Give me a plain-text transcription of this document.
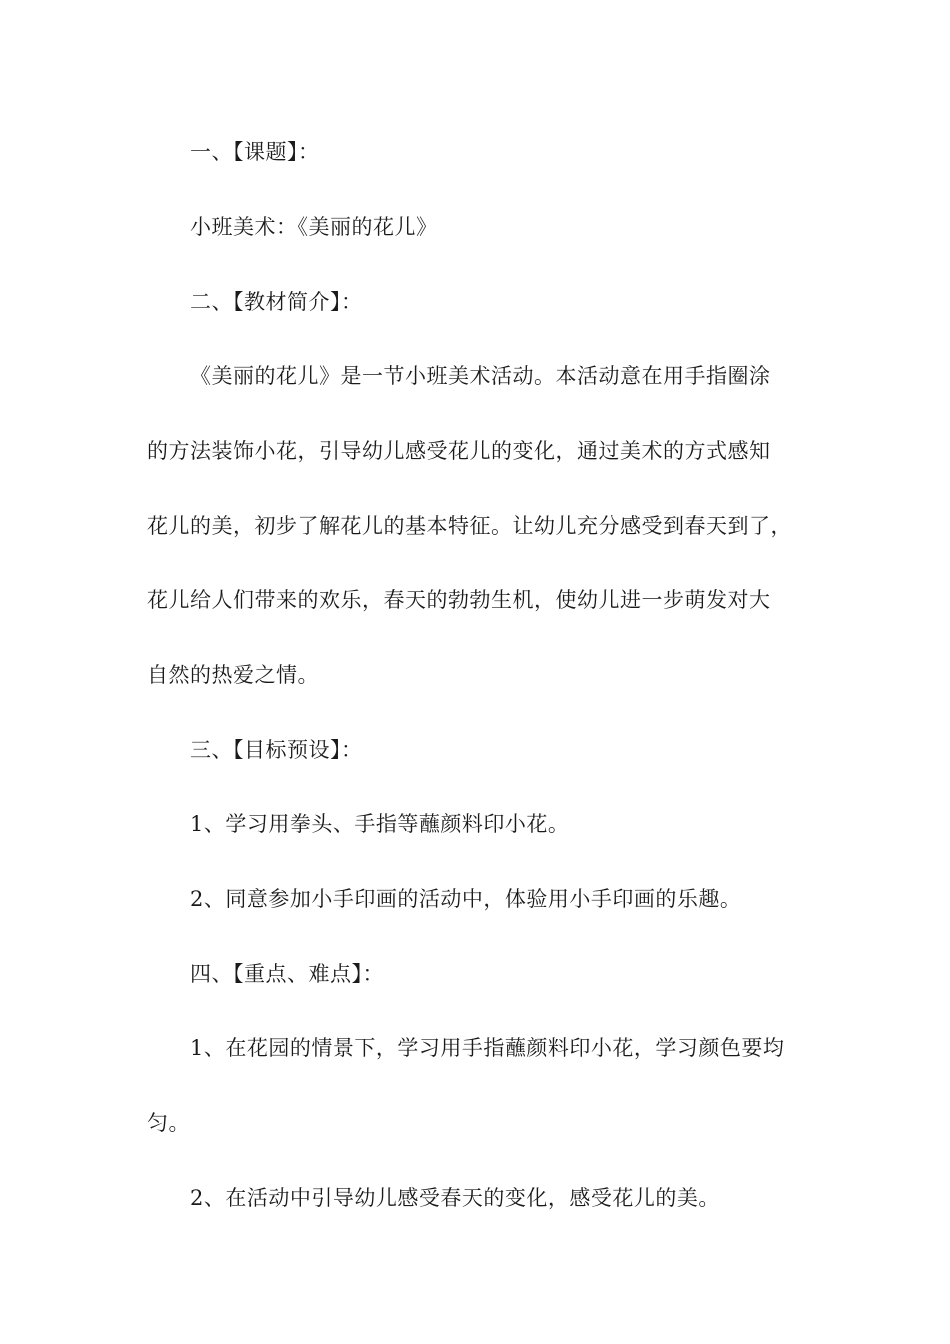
一、【课题】：
小班美术：《美丽的花儿》
二、【教材简介】：
《美丽的花儿》是一节小班美术活动。本活动意在用手指圈涂
的方法装饰小花，引导幼儿感受花儿的变化，通过美术的方式感知
花儿的美，初步了解花儿的基本特征。让幼儿充分感受到春天到了，
花儿给人们带来的欢乐，春天的勃勃生机，使幼儿进一步萌发对大
自然的热爱之情。
三、【目标预设】：
1、学习用拳头、手指等蘸颜料印小花。
2、同意参加小手印画的活动中，体验用小手印画的乐趣。
四、【重点、难点】：
1、在花园的情景下，学习用手指蘸颜料印小花，学习颜色要均
匀。
2、在活动中引导幼儿感受春天的变化，感受花儿的美。
